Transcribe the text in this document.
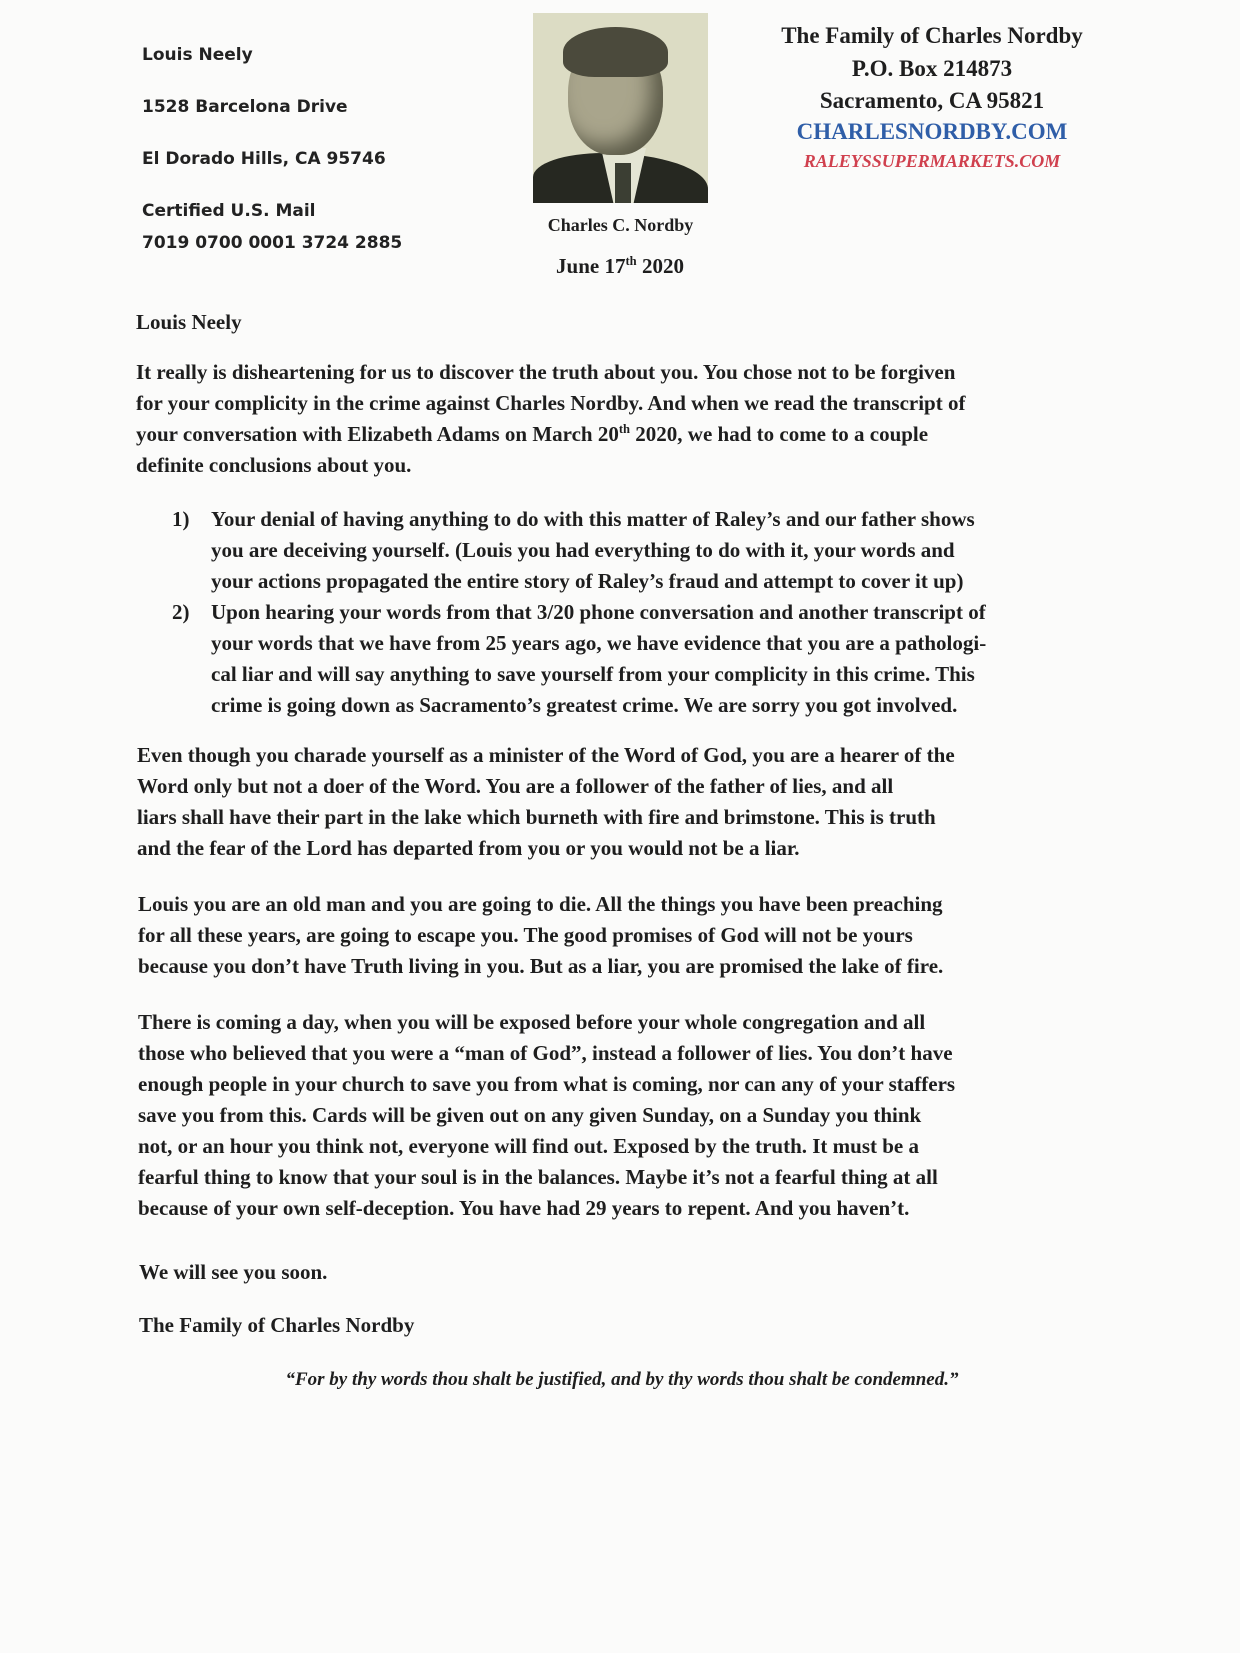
Louis Neely
1528 Barcelona Drive
El Dorado Hills, CA 95746
Certified U.S. Mail
7019 0700 0001 3724 2885
Charles C. Nordby
June 17th 2020
The Family of Charles Nordby
P.O. Box 214873
Sacramento, CA 95821
CHARLESNORDBY.COM
RALEYSSUPERMARKETS.COM
Louis Neely
It really is disheartening for us to discover the truth about you. You chose not to be forgiven
for your complicity in the crime against Charles Nordby. And when we read the transcript of
your conversation with Elizabeth Adams on March 20th 2020, we had to come to a couple
definite conclusions about you.
1) Your denial of having anything to do with this matter of Raley’s and our father shows
you are deceiving yourself. (Louis you had everything to do with it, your words and
your actions propagated the entire story of Raley’s fraud and attempt to cover it up)
2) Upon hearing your words from that 3/20 phone conversation and another transcript of
your words that we have from 25 years ago, we have evidence that you are a pathologi-
cal liar and will say anything to save yourself from your complicity in this crime. This
crime is going down as Sacramento’s greatest crime. We are sorry you got involved.
Even though you charade yourself as a minister of the Word of God, you are a hearer of the
Word only but not a doer of the Word. You are a follower of the father of lies, and all
liars shall have their part in the lake which burneth with fire and brimstone. This is truth
and the fear of the Lord has departed from you or you would not be a liar.
Louis you are an old man and you are going to die. All the things you have been preaching
for all these years, are going to escape you. The good promises of God will not be yours
because you don’t have Truth living in you. But as a liar, you are promised the lake of fire.
There is coming a day, when you will be exposed before your whole congregation and all
those who believed that you were a “man of God”, instead a follower of lies. You don’t have
enough people in your church to save you from what is coming, nor can any of your staffers
save you from this. Cards will be given out on any given Sunday, on a Sunday you think
not, or an hour you think not, everyone will find out. Exposed by the truth. It must be a
fearful thing to know that your soul is in the balances. Maybe it’s not a fearful thing at all
because of your own self-deception. You have had 29 years to repent. And you haven’t.
We will see you soon.
The Family of Charles Nordby
“For by thy words thou shalt be justified, and by thy words thou shalt be condemned.”
